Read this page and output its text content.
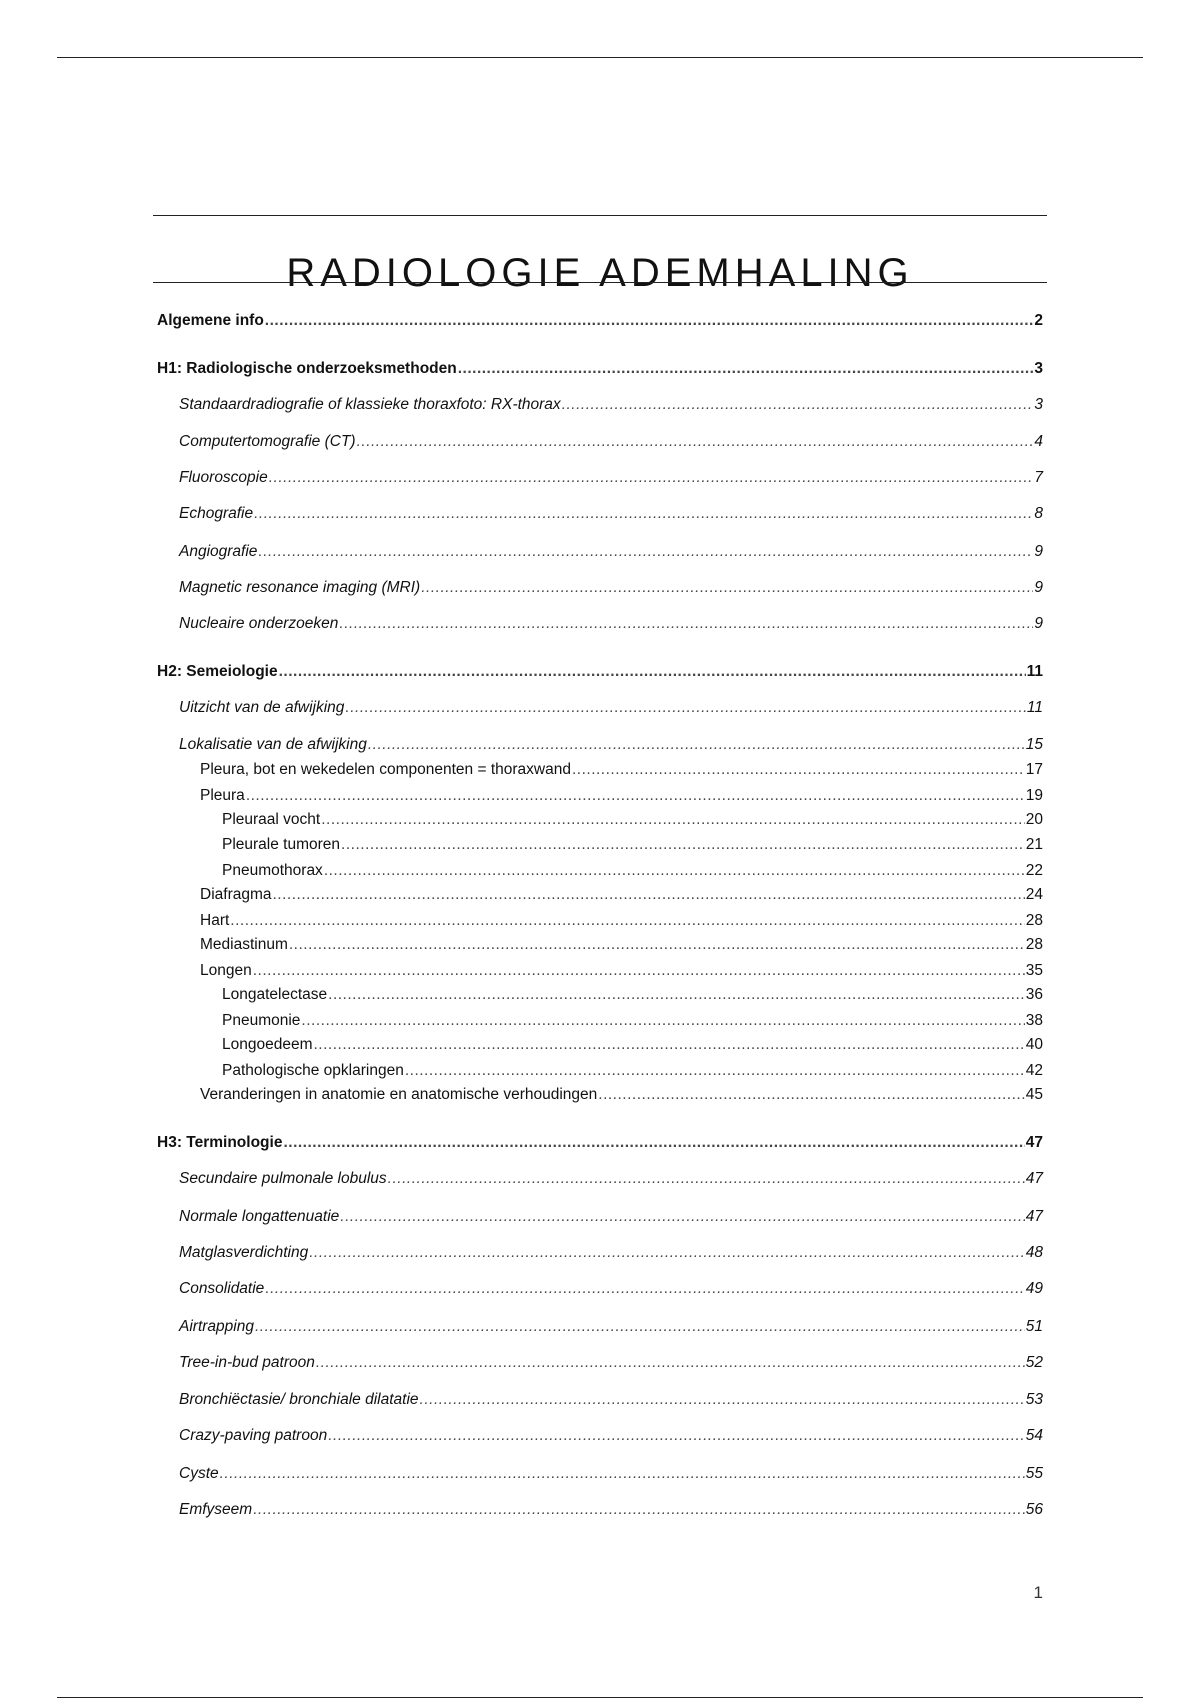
RADIOLOGIE ADEMHALING
Algemene info .....	2
H1: Radiologische onderzoeksmethoden .....	3
Standaardradiografie of klassieke thoraxfoto: RX-thorax .....	3
Computertomografie (CT) .....	4
Fluoroscopie .....	7
Echografie .....	8
Angiografie .....	9
Magnetic resonance imaging (MRI) .....	9
Nucleaire onderzoeken .....	9
H2: Semeiologie .....	11
Uitzicht van de afwijking .....	11
Lokalisatie van de afwijking .....	15
Pleura, bot en wekedelen componenten = thoraxwand .....	17
Pleura .....	19
Pleuraal vocht .....	20
Pleurale tumoren .....	21
Pneumothorax .....	22
Diafragma .....	24
Hart .....	28
Mediastinum .....	28
Longen .....	35
Longatelectase .....	36
Pneumonie .....	38
Longoedeem .....	40
Pathologische opklaringen .....	42
Veranderingen in anatomie en anatomische verhoudingen .....	45
H3: Terminologie .....	47
Secundaire pulmonale lobulus .....	47
Normale longattenuatie .....	47
Matglasverdichting .....	48
Consolidatie .....	49
Airtrapping .....	51
Tree-in-bud patroon .....	52
Bronchiëctasie/ bronchiale dilatatie .....	53
Crazy-paving patroon .....	54
Cyste .....	55
Emfyseem .....	56
1
